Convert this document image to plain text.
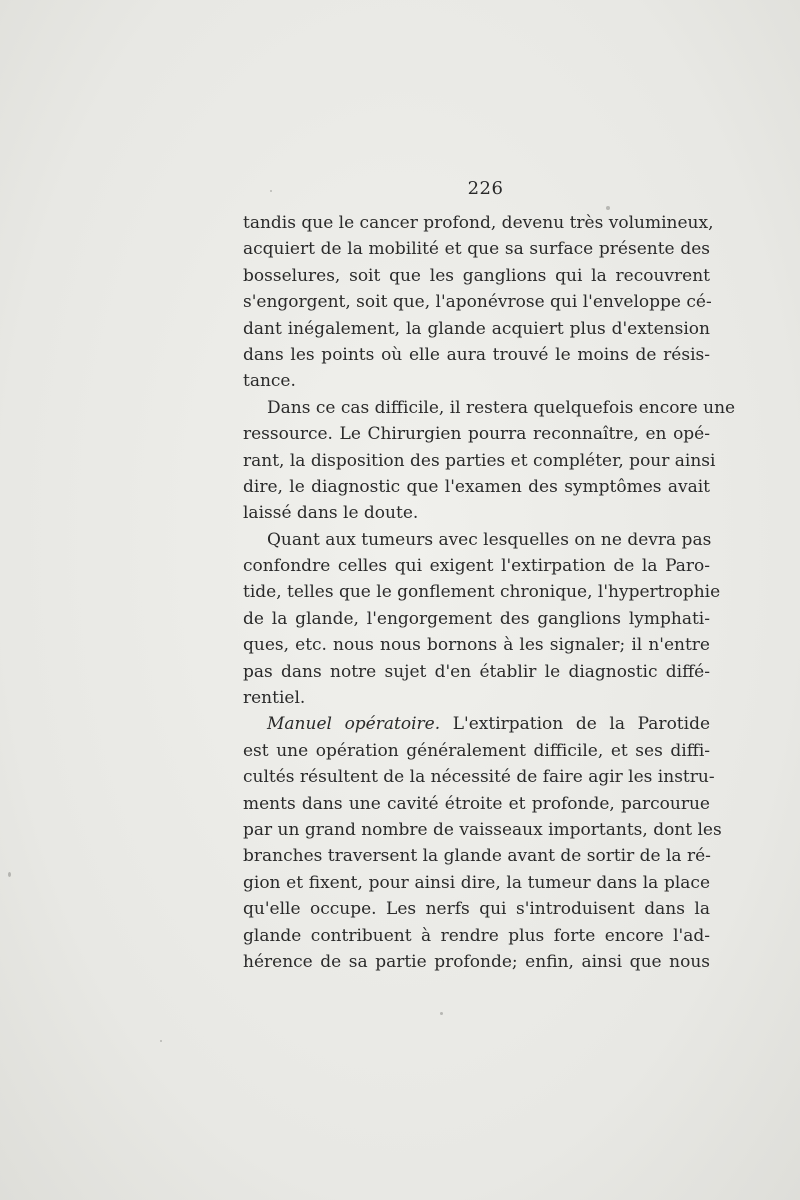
226
tandis que le cancer profond, devenu très volumineux,
acquiert de la mobilité et que sa surface présente des
bosselures, soit que les ganglions qui la recouvrent
s'engorgent, soit que, l'aponévrose qui l'enveloppe cé-
dant inégalement, la glande acquiert plus d'extension
dans les points où elle aura trouvé le moins de résis-
tance.
Dans ce cas difficile, il restera quelquefois encore une
ressource. Le Chirurgien pourra reconnaître, en opé-
rant, la disposition des parties et compléter, pour ainsi
dire, le diagnostic que l'examen des symptômes avait
laissé dans le doute.
Quant aux tumeurs avec lesquelles on ne devra pas
confondre celles qui exigent l'extirpation de la Paro-
tide, telles que le gonflement chronique, l'hypertrophie
de la glande, l'engorgement des ganglions lymphati-
ques, etc. nous nous bornons à les signaler; il n'entre
pas dans notre sujet d'en établir le diagnostic diffé-
rentiel.
Manuel opératoire. L'extirpation de la Parotide
est une opération généralement difficile, et ses diffi-
cultés résultent de la nécessité de faire agir les instru-
ments dans une cavité étroite et profonde, parcourue
par un grand nombre de vaisseaux importants, dont les
branches traversent la glande avant de sortir de la ré-
gion et fixent, pour ainsi dire, la tumeur dans la place
qu'elle occupe. Les nerfs qui s'introduisent dans la
glande contribuent à rendre plus forte encore l'ad-
hérence de sa partie profonde; enfin, ainsi que nous
